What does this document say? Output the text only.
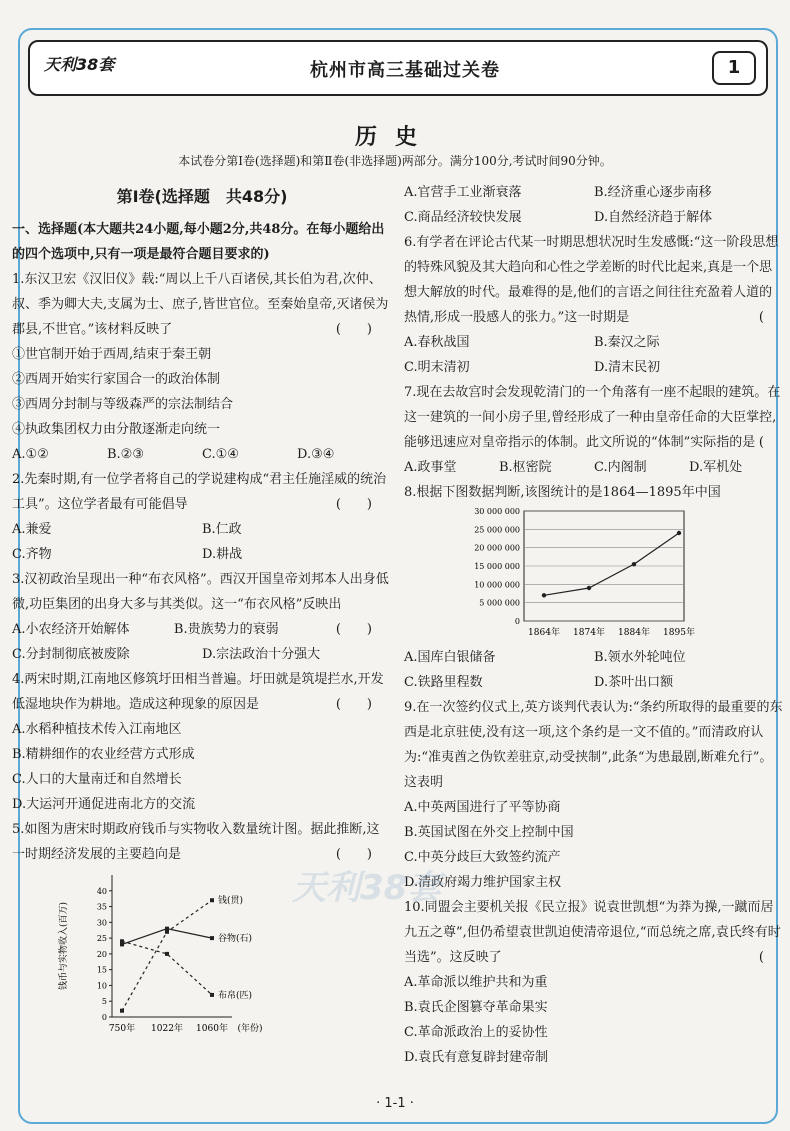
天利38套	杭州市高三基础过关卷	1
历史
本试卷分第Ⅰ卷(选择题)和第Ⅱ卷(非选择题)两部分。满分100分,考试时间90分钟。
第Ⅰ卷(选择题　共48分)
一、选择题(本大题共24小题,每小题2分,共48分。在每小题给出的四个选项中,只有一项是最符合题目要求的)
1.东汉卫宏《汉旧仪》载:“周以上千八百诸侯,其长伯为君,次仲、叔、季为卿大夫,支属为士、庶子,皆世官位。至秦始皇帝,灭诸侯为郡县,不世官。”该材料反映了	(　　)
①世官制开始于西周,结束于秦王朝
②西周开始实行家国合一的政治体制
③西周分封制与等级森严的宗法制结合
④执政集团权力由分散逐渐走向统一
A.①②	B.②③	C.①④	D.③④
2.先秦时期,有一位学者将自己的学说建构成“君主任施淫威的统治工具”。这位学者最有可能倡导	(　　)
A.兼爱	B.仁政
C.齐物	D.耕战
3.汉初政治呈现出一种“布衣风格”。西汉开国皇帝刘邦本人出身低微,功臣集团的出身大多与其类似。这一“布衣风格”反映出
(　　)
A.小农经济开始解体	B.贵族势力的衰弱
C.分封制彻底被废除	D.宗法政治十分强大
4.两宋时期,江南地区修筑圩田相当普遍。圩田就是筑堤拦水,开发低湿地块作为耕地。造成这种现象的原因是	(　　)
A.水稻种植技术传入江南地区
B.精耕细作的农业经营方式形成
C.人口的大量南迁和自然增长
D.大运河开通促进南北方的交流
5.如图为唐宋时期政府钱币与实物收入数量统计图。据此推断,这一时期经济发展的主要趋向是	(　　)
0
5
10
15
20
25
30
35
40
750年 1022年 1060年 (年份)
钱币与实物收入(百万)
钱(贯)
谷物(石)
布帛(匹)
A.官营手工业渐衰落	B.经济重心逐步南移
C.商品经济较快发展	D.自然经济趋于解体
6.有学者在评论古代某一时期思想状况时生发感慨:“这一阶段思想的特殊风貌及其大趋向和心性之学差断的时代比起来,真是一个思想大解放的时代。最难得的是,他们的言语之间往往充盈着人道的热情,形成一股感人的张力。”这一时期是	(
A.春秋战国	B.秦汉之际
C.明末清初	D.清末民初
7.现在去故宫时会发现乾清门的一个角落有一座不起眼的建筑。在这一建筑的一间小房子里,曾经形成了一种由皇帝任命的大臣掌控,能够迅速应对皇帝指示的体制。此文所说的“体制”实际指的是 (
A.政事堂	B.枢密院	C.内阁制	D.军机处
8.根据下图数据判断,该图统计的是1864—1895年中国
0
5 000 000
10 000 000
15 000 000
20 000 000
25 000 000
30 000 000
1864年 1874年 1884年 1895年
A.国库白银储备	B.领水外轮吨位
C.铁路里程数	D.茶叶出口额
9.在一次签约仪式上,英方谈判代表认为:“条约所取得的最重要的东西是北京驻使,没有这一项,这个条约是一文不值的。”而清政府认为:“准夷酋之伪钦差驻京,动受挟制”,此条“为患最剧,断难允行”。这表明
A.中英两国进行了平等协商
B.英国试图在外交上控制中国
C.中英分歧巨大致签约流产
D.清政府竭力维护国家主权
10.同盟会主要机关报《民立报》说袁世凯想“为莽为操,一蹴而居九五之尊”,但仍希望袁世凯迫使清帝退位,“而总统之席,袁氏终有时当选”。这反映了	(
A.革命派以维护共和为重
B.袁氏企图篡夺革命果实
C.革命派政治上的妥协性
D.袁氏有意复辟封建帝制
天利38套
· 1-1 ·
